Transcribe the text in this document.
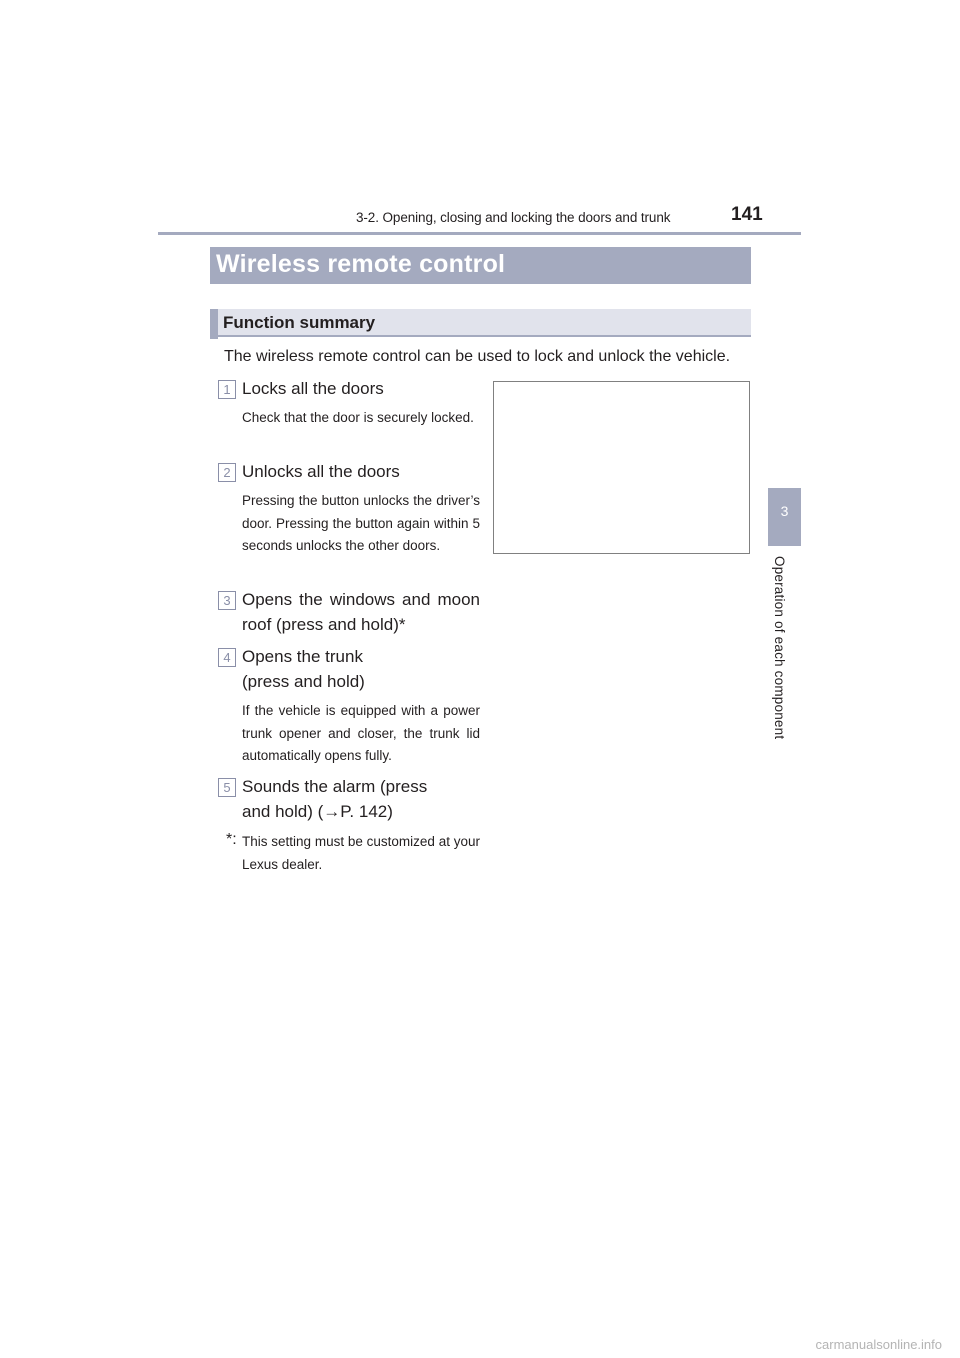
3-2. Opening, closing and locking the doors and trunk	141
3
Operation of each component
Wireless remote control
Function summary
The wireless remote control can be used to lock and unlock the vehicle.
1 Locks all the doors
Check that the door is securely locked.
2 Unlocks all the doors
Pressing the button unlocks the driver’s door. Pressing the button again within 5 seconds unlocks the other doors.
3 Opens the windows and moon roof (press and hold)*
4 Opens the trunk (press and hold)
If the vehicle is equipped with a power trunk opener and closer, the trunk lid automatically opens fully.
5 Sounds the alarm (press and hold) (→P. 142)
*: This setting must be customized at your Lexus dealer.
carmanualsonline.info
